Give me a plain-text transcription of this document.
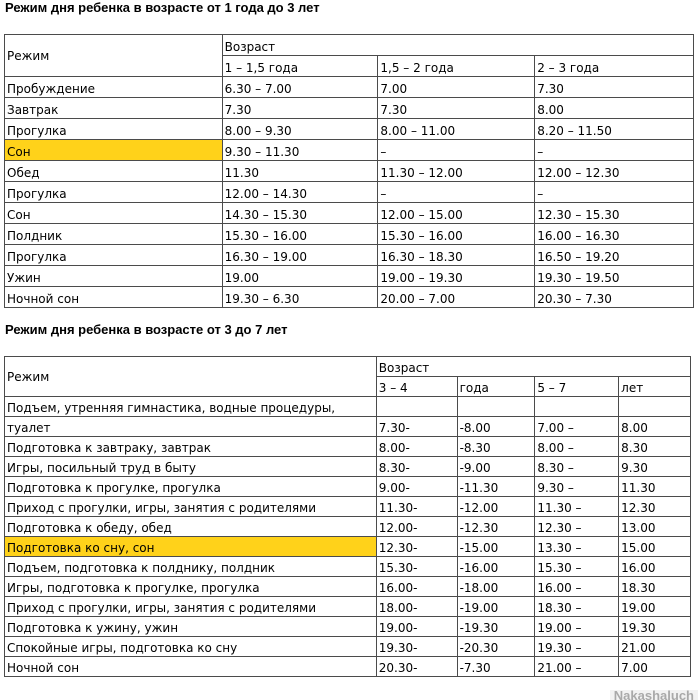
Режим дня ребенка в возрасте от 1 года до 3 лет
Режим	Возраст		
	1 – 1,5 года	1,5 – 2 года	2 – 3 года
Пробуждение	6.30 – 7.00	7.00	7.30
Завтрак	7.30	7.30	8.00
Прогулка	8.00 – 9.30	8.00 – 11.00	8.20 – 11.50
Сон	9.30 – 11.30	–	–
Обед	11.30	11.30 – 12.00	12.00 – 12.30
Прогулка	12.00 – 14.30	–	–
Сон	14.30 – 15.30	12.00 – 15.00	12.30 – 15.30
Полдник	15.30 – 16.00	15.30 – 16.00	16.00 – 16.30
Прогулка	16.30 – 19.00	16.30 – 18.30	16.50 – 19.20
Ужин	19.00	19.00 – 19.30	19.30 – 19.50
Ночной сон	19.30 – 6.30	20.00 – 7.00	20.30 – 7.30
Режим дня ребенка в возрасте от 3 до 7 лет
Режим	Возраст			
	3 – 4	года	5 – 7	лет
Подъем, утренняя гимнастика, водные процедуры,				
туалет	7.30-	-8.00	7.00 –	8.00
Подготовка к завтраку, завтрак	8.00-	-8.30	8.00 –	8.30
Игры, посильный труд в быту	8.30-	-9.00	8.30 –	9.30
Подготовка к прогулке, прогулка	9.00-	-11.30	9.30 –	11.30
Приход с прогулки, игры, занятия с родителями	11.30-	-12.00	11.30 –	12.30
Подготовка к обеду, обед	12.00-	-12.30	12.30 –	13.00
Подготовка ко сну, сон	12.30-	-15.00	13.30 –	15.00
Подъем, подготовка к полднику, полдник	15.30-	-16.00	15.30 –	16.00
Игры, подготовка к прогулке, прогулка	16.00-	-18.00	16.00 –	18.30
Приход с прогулки, игры, занятия с родителями	18.00-	-19.00	18.30 –	19.00
Подготовка к ужину, ужин	19.00-	-19.30	19.00 –	19.30
Спокойные игры, подготовка ко сну	19.30-	-20.30	19.30 –	21.00
Ночной сон	20.30-	-7.30	21.00 –	7.00
Nakashaluch
